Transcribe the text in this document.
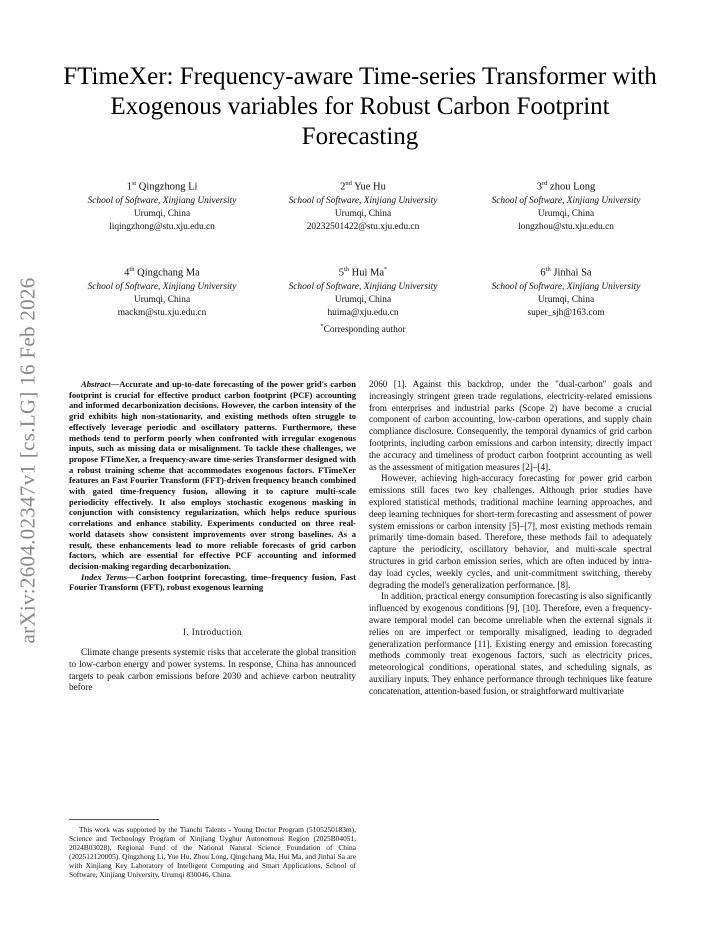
arXiv:2604.02347v1 [cs.LG] 16 Feb 2026
FTimeXer: Frequency-aware Time-series Transformer with Exogenous variables for Robust Carbon Footprint Forecasting
1st Qingzhong Li
School of Software, Xinjiang University
Urumqi, China
liqingzhong@stu.xju.edu.cn
2nd Yue Hu
School of Software, Xinjiang University
Urumqi, China
20232501422@stu.xju.edu.cn
3rd zhou Long
School of Software, Xinjiang University
Urumqi, China
longzhou@stu.xju.edu.cn
4th Qingchang Ma
School of Software, Xinjiang University
Urumqi, China
mackm@stu.xju.edu.cn
5th Hui Ma*
School of Software, Xinjiang University
Urumqi, China
huima@xju.edu.cn
*Corresponding author
6th Jinhai Sa
School of Software, Xinjiang University
Urumqi, China
super_sjh@163.com

Abstract—Accurate and up-to-date forecasting of the power grid's carbon footprint is crucial for effective product carbon footprint (PCF) accounting and informed decarbonization decisions. However, the carbon intensity of the grid exhibits high non-stationarity, and existing methods often struggle to effectively leverage periodic and oscillatory patterns. Furthermore, these methods tend to perform poorly when confronted with irregular exogenous inputs, such as missing data or misalignment. To tackle these challenges, we propose FTimeXer, a frequency-aware time-series Transformer designed with a robust training scheme that accommodates exogenous factors. FTimeXer features an Fast Fourier Transform (FFT)-driven frequency branch combined with gated time-frequency fusion, allowing it to capture multi-scale periodicity effectively. It also employs stochastic exogenous masking in conjunction with consistency regularization, which helps reduce spurious correlations and enhance stability. Experiments conducted on three real-world datasets show consistent improvements over strong baselines. As a result, these enhancements lead to more reliable forecasts of grid carbon factors, which are essential for effective PCF accounting and informed decision-making regarding decarbonization.

Index Terms—Carbon footprint forecasting, time–frequency fusion, Fast Fourier Transform (FFT), robust exogenous learning

I. Introduction

Climate change presents systemic risks that accelerate the global transition to low-carbon energy and power systems. In response, China has announced targets to peak carbon emissions before 2030 and achieve carbon neutrality before

This work was supported by the Tianchi Talents - Young Doctor Program (5105250183m), Science and Technology Program of Xinjiang Uyghur Autonomous Region (2025B04051, 2024B03028), Regional Fund of the National Natural Science Foundation of China (202512120005). Qingzhong Li, Yue Hu, Zhou Long, Qingchang Ma, Hui Ma, and Jinhai Sa are with Xinjiang Key Laboratory of Intelligent Computing and Smart Applications, School of Software, Xinjiang University, Urumqi 830046, China.

2060 [1]. Against this backdrop, under the "dual-carbon" goals and increasingly stringent green trade regulations, electricity-related emissions from enterprises and industrial parks (Scope 2) have become a crucial component of carbon accounting, low-carbon operations, and supply chain compliance disclosure. Consequently, the temporal dynamics of grid carbon footprints, including carbon emissions and carbon intensity, directly impact the accuracy and timeliness of product carbon footprint accounting as well as the assessment of mitigation measures [2]–[4].

However, achieving high-accuracy forecasting for power grid carbon emissions still faces two key challenges. Although prior studies have explored statistical methods, traditional machine learning approaches, and deep learning techniques for short-term forecasting and assessment of power system emissions or carbon intensity [5]–[7], most existing methods remain primarily time-domain based. Therefore, these methods fail to adequately capture the periodicity, oscillatory behavior, and multi-scale spectral structures in grid carbon emission series, which are often induced by intra-day load cycles, weekly cycles, and unit-commitment switching, thereby degrading the model's generalization performance. [8].

In addition, practical energy consumption forecasting is also significantly influenced by exogenous conditions [9], [10]. Therefore, even a frequency-aware temporal model can become unreliable when the external signals it relies on are imperfect or temporally misaligned, leading to degraded generalization performance [11]. Existing energy and emission forecasting methods commonly treat exogenous factors, such as electricity prices, meteorological conditions, operational states, and scheduling signals, as auxiliary inputs. They enhance performance through techniques like feature concatenation, attention-based fusion, or straightforward multivariate
